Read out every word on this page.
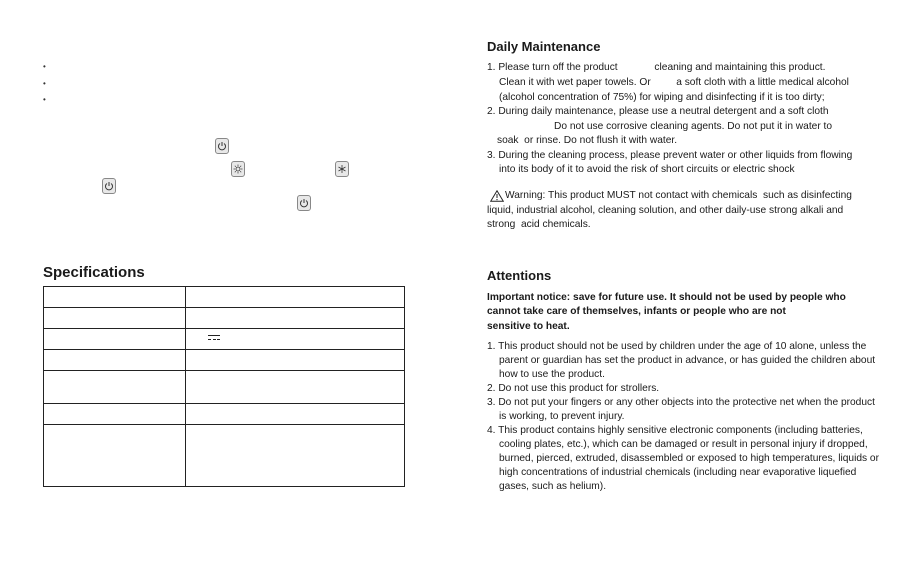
•
•
•
Specifications

Daily Maintenance
1. Please turn off the product             cleaning and maintaining this product.
Clean it with wet paper towels. Or         a soft cloth with a little medical alcohol
(alcohol concentration of 75%) for wiping and disinfecting if it is too dirty;
2. During daily maintenance, please use a neutral detergent and a soft cloth
Do not use corrosive cleaning agents. Do not put it in water to
soak  or rinse. Do not flush it with water.
3. During the cleaning process, please prevent water or other liquids from flowing
into its body of it to avoid the risk of short circuits or electric shock
Warning: This product MUST not contact with chemicals  such as disinfecting
liquid, industrial alcohol, cleaning solution, and other daily-use strong alkali and
strong  acid chemicals.
Attentions
Important notice: save for future use. It should not be used by people who
cannot take care of themselves, infants or people who are not
sensitive to heat.
1. This product should not be used by children under the age of 10 alone, unless the
parent or guardian has set the product in advance, or has guided the children about
how to use the product.
2. Do not use this product for strollers.
3. Do not put your fingers or any other objects into the protective net when the product
is working, to prevent injury.
4. This product contains highly sensitive electronic components (including batteries,
cooling plates, etc.), which can be damaged or result in personal injury if dropped,
burned, pierced, extruded, disassembled or exposed to high temperatures, liquids or
high concentrations of industrial chemicals (including near evaporative liquefied
gases, such as helium).
